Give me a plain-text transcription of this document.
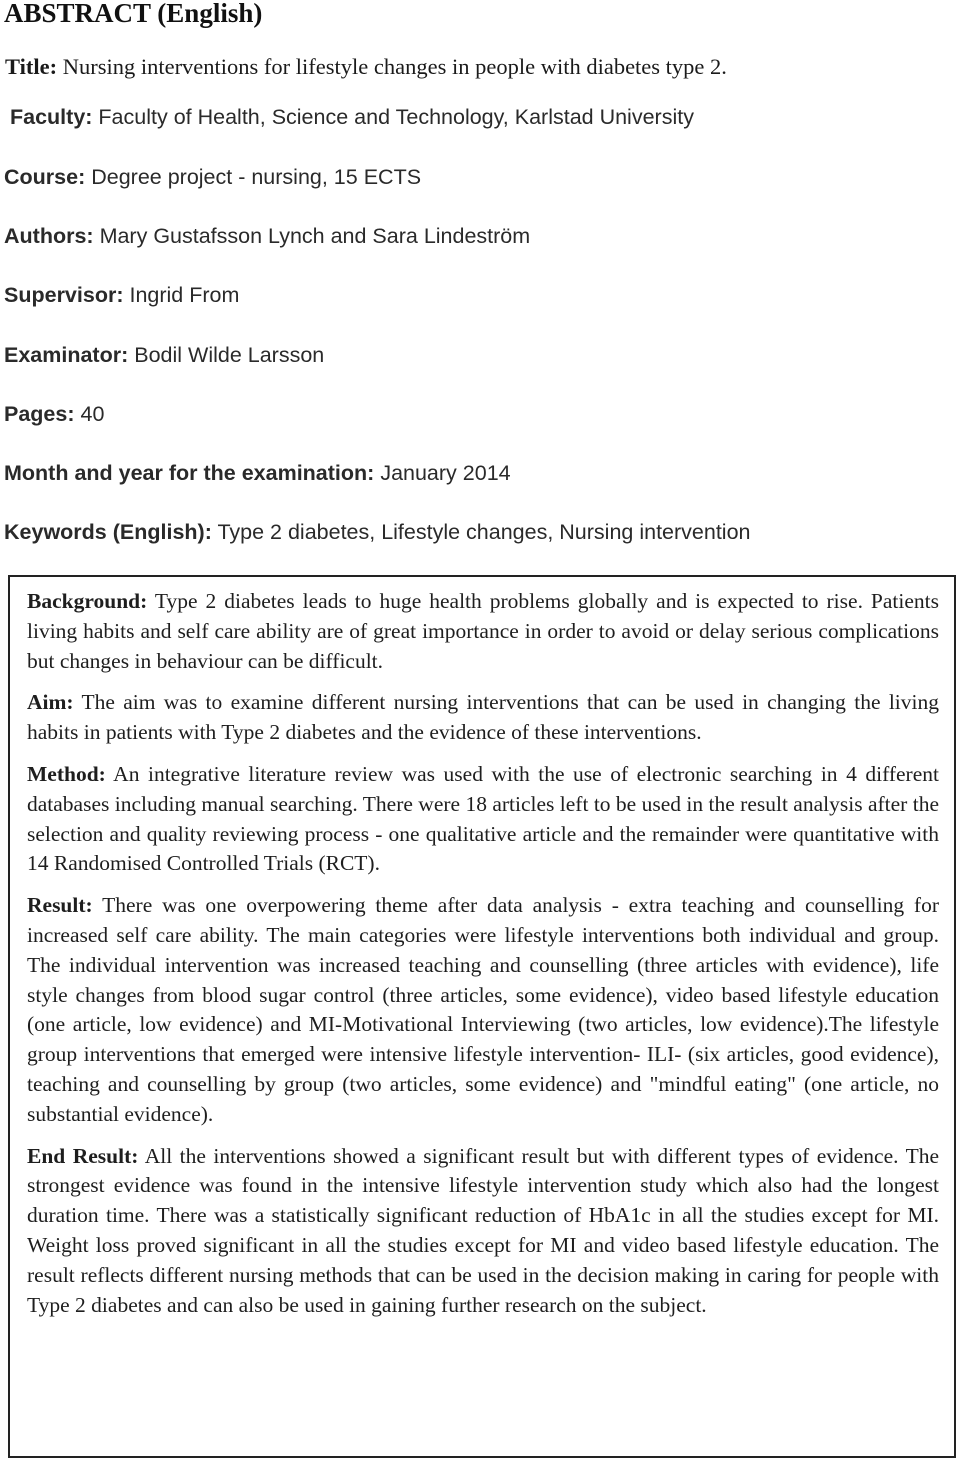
ABSTRACT (English)
Title: Nursing interventions for lifestyle changes in people with diabetes type 2.
Faculty: Faculty of Health, Science and Technology, Karlstad University
Course: Degree project - nursing, 15 ECTS
Authors: Mary Gustafsson Lynch and Sara Lindeström
Supervisor: Ingrid From
Examinator: Bodil Wilde Larsson
Pages: 40
Month and year for the examination: January 2014
Keywords (English): Type 2 diabetes, Lifestyle changes, Nursing intervention

Background: Type 2 diabetes leads to huge health problems globally and is expected to rise. Patients living habits and self care ability are of great importance in order to avoid or delay serious complications but changes in behaviour can be difficult.

Aim: The aim was to examine different nursing interventions that can be used in changing the living habits in patients with Type 2 diabetes and the evidence of these interventions.

Method: An integrative literature review was used with the use of electronic searching in 4 different databases including manual searching. There were 18 articles left to be used in the result analysis after the selection and quality reviewing process - one qualitative article and the remainder were quantitative with 14 Randomised Controlled Trials (RCT).

Result: There was one overpowering theme after data analysis - extra teaching and counselling for increased self care ability. The main categories were lifestyle interventions both individual and group. The individual intervention was increased teaching and counselling (three articles with evidence), life style changes from blood sugar control (three articles, some evidence), video based lifestyle education (one article, low evidence) and MI-Motivational Interviewing (two articles, low evidence).The lifestyle group interventions that emerged were intensive lifestyle intervention- ILI- (six articles, good evidence), teaching and counselling by group (two articles, some evidence) and "mindful eating" (one article, no substantial evidence).

End Result: All the interventions showed a significant result but with different types of evidence. The strongest evidence was found in the intensive lifestyle intervention study which also had the longest duration time. There was a statistically significant reduction of HbA1c in all the studies except for MI. Weight loss proved significant in all the studies except for MI and video based lifestyle education. The result reflects different nursing methods that can be used in the decision making in caring for people with Type 2 diabetes and can also be used in gaining further research on the subject.
